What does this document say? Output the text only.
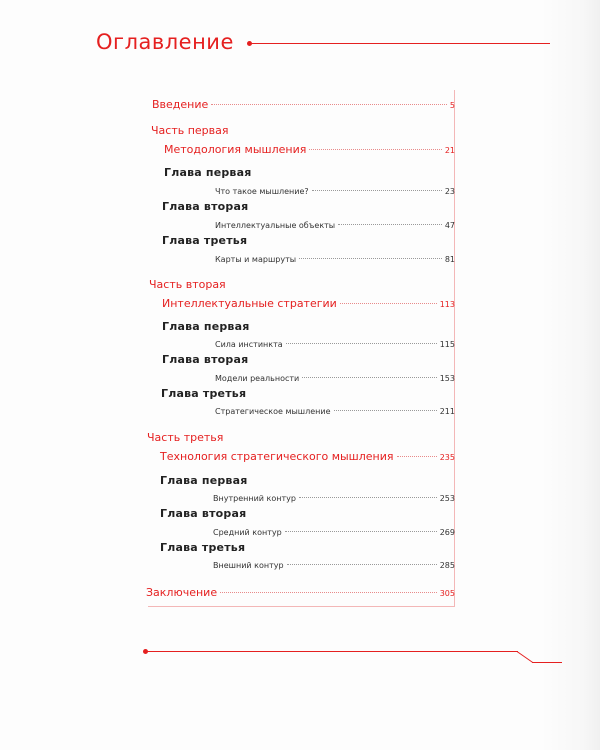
Оглавление
Введение	5
Часть первая
Методология мышления	21
Глава первая
Что такое мышление?	23
Глава вторая
Интеллектуальные объекты	47
Глава третья
Карты и маршруты	81
Часть вторая
Интеллектуальные стратегии	113
Глава первая
Сила инстинкта	115
Глава вторая
Модели реальности	153
Глава третья
Стратегическое мышление	211
Часть третья
Технология стратегического мышления	235
Глава первая
Внутренний контур	253
Глава вторая
Средний контур	269
Глава третья
Внешний контур	285
Заключение	305
